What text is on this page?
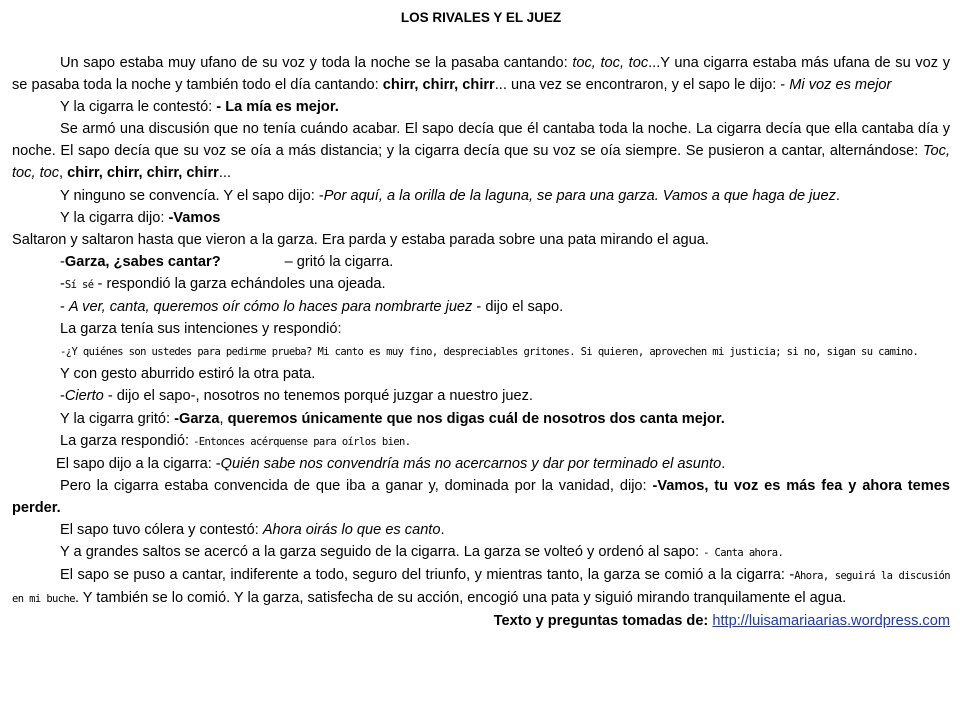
LOS RIVALES Y EL JUEZ

Un sapo estaba muy ufano de su voz y toda la noche se la pasaba cantando: toc, toc, toc...Y una cigarra estaba más ufana de su voz y se pasaba toda la noche y también todo el día cantando: chirr, chirr, chirr... una vez se encontraron, y el sapo le dijo: - Mi voz es mejor

Y la cigarra le contestó: - La mía es mejor.

Se armó una discusión que no tenía cuándo acabar. El sapo decía que él cantaba toda la noche. La cigarra decía que ella cantaba día y noche. El sapo decía que su voz se oía a más distancia; y la cigarra decía que su voz se oía siempre. Se pusieron a cantar, alternándose: Toc, toc, toc, chirr, chirr, chirr, chirr...

Y ninguno se convencía. Y el sapo dijo: -Por aquí, a la orilla de la laguna, se para una garza. Vamos a que haga de juez.

Y la cigarra dijo: -Vamos

Saltaron y saltaron hasta que vieron a la garza. Era parda y estaba parada sobre una pata mirando el agua.

-Garza, ¿sabes cantar?	– gritó la cigarra.

-Sí sé - respondió la garza echándoles una ojeada.

- A ver, canta, queremos oír cómo lo haces para nombrarte juez - dijo el sapo.

La garza tenía sus intenciones y respondió:

-¿Y quiénes son ustedes para pedirme prueba? Mi canto es muy fino, despreciables gritones. Si quieren, aprovechen mi justicia; si no, sigan su camino.

Y con gesto aburrido estiró la otra pata.

-Cierto - dijo el sapo-, nosotros no tenemos porqué juzgar a nuestro juez.

Y la cigarra gritó: -Garza, queremos únicamente que nos digas cuál de nosotros dos canta mejor.

La garza respondió: -Entonces acérquense para oírlos bien.

El sapo dijo a la cigarra: -Quién sabe nos convendría más no acercarnos y dar por terminado el asunto.

Pero la cigarra estaba convencida de que iba a ganar y, dominada por la vanidad, dijo: -Vamos, tu voz es más fea y ahora temes perder.

El sapo tuvo cólera y contestó: Ahora oirás lo que es canto.

Y a grandes saltos se acercó a la garza seguido de la cigarra. La garza se volteó y ordenó al sapo: - Canta ahora.

El sapo se puso a cantar, indiferente a todo, seguro del triunfo, y mientras tanto, la garza se comió a la cigarra: -Ahora, seguirá la discusión en mi buche. Y también se lo comió. Y la garza, satisfecha de su acción, encogió una pata y siguió mirando tranquilamente el agua.

Texto y preguntas tomadas de: http://luisamariaarias.wordpress.com
